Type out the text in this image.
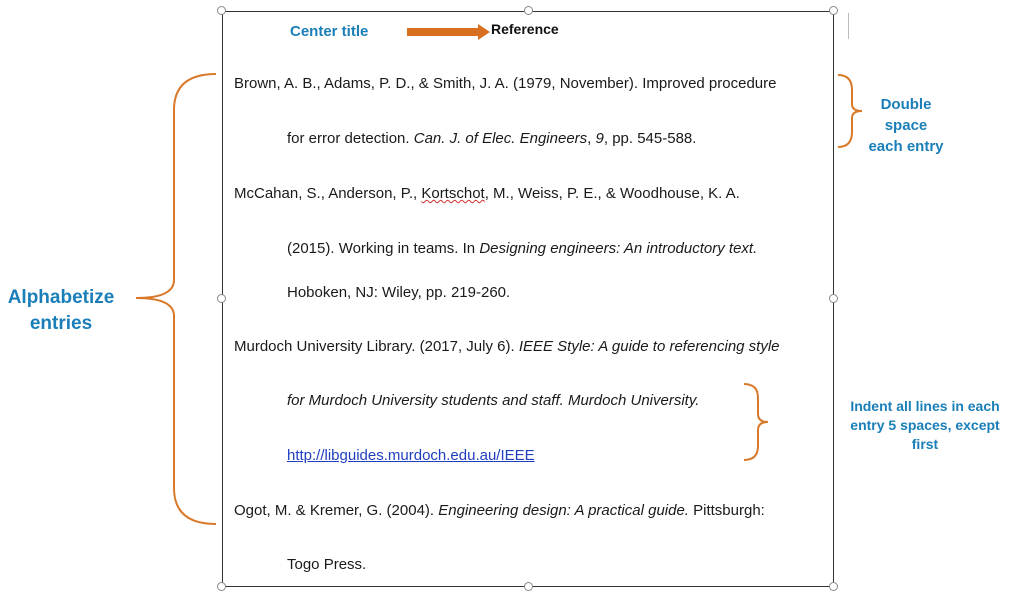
Center title	Reference
Double space
each entry
Alphabetize
entries
Indent all lines in each
entry 5 spaces, except
first
Brown, A. B., Adams, P. D., & Smith, J. A. (1979, November). Improved procedure
for error detection. Can. J. of Elec. Engineers, 9, pp. 545-588.
McCahan, S., Anderson, P., Kortschot, M., Weiss, P. E., & Woodhouse, K. A.
(2015). Working in teams. In Designing engineers: An introductory text.
Hoboken, NJ: Wiley, pp. 219-260.
Murdoch University Library. (2017, July 6). IEEE Style: A guide to referencing style
for Murdoch University students and staff. Murdoch University.
http://libguides.murdoch.edu.au/IEEE
Ogot, M. & Kremer, G. (2004). Engineering design: A practical guide. Pittsburgh:
Togo Press.
